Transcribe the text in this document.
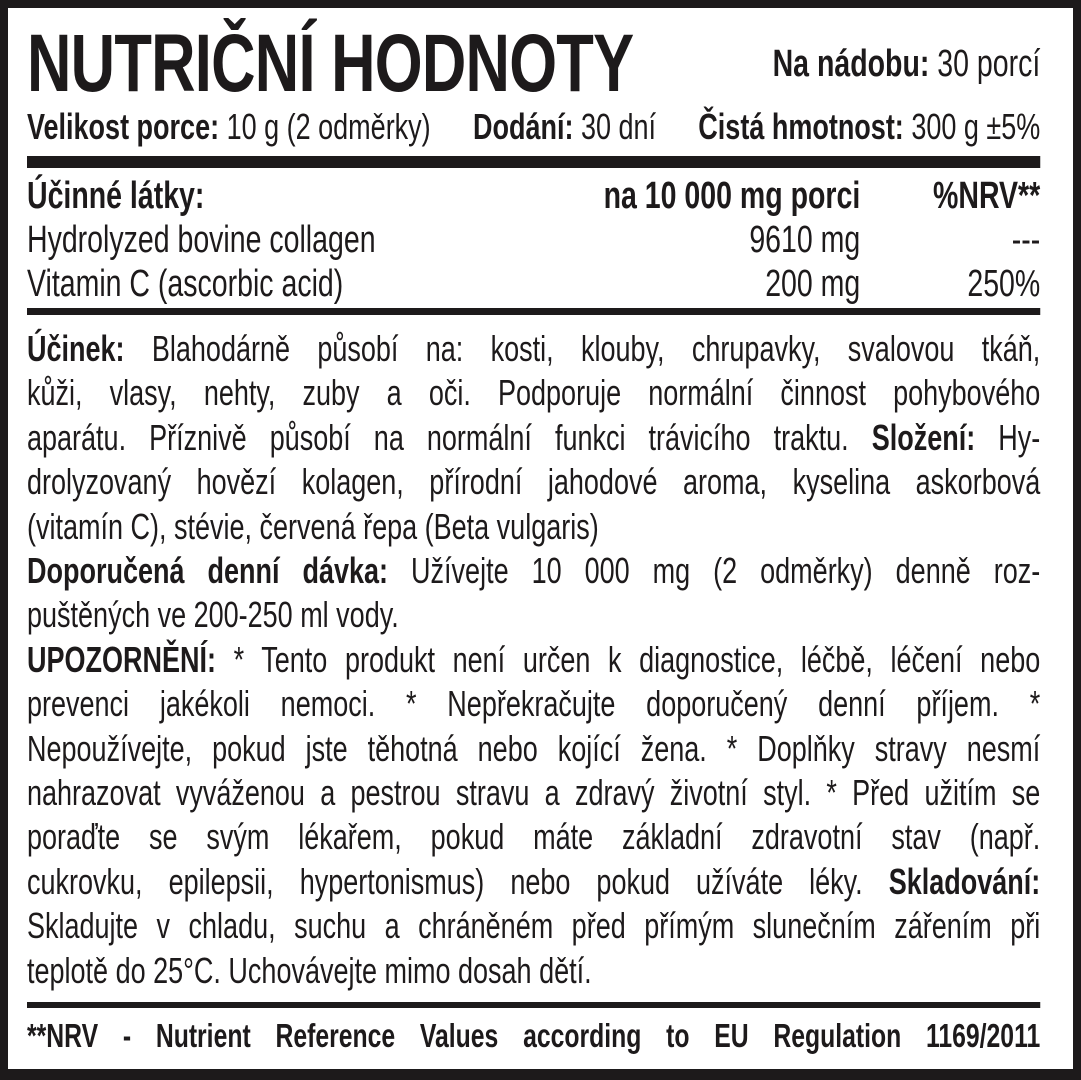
NUTRIČNÍ HODNOTY	Na nádobu: 30 porcí
Velikost porce: 10 g (2 odměrky) Dodání: 30 dní Čistá hmotnost: 300 g ±5%
Účinné látky:	na 10 000 mg porci	%NRV**
Hydrolyzed bovine collagen	9610 mg	---
Vitamin C (ascorbic acid)	200 mg	250%
Účinek: Blahodárně působí na: kosti, klouby, chrupavky, svalovou tkáň,
kůži, vlasy, nehty, zuby a oči. Podporuje normální činnost pohybového
aparátu. Příznivě působí na normální funkci trávicího traktu. Složení: Hy-
drolyzovaný hovězí kolagen, přírodní jahodové aroma, kyselina askorbová
(vitamín C), stévie, červená řepa (Beta vulgaris)
Doporučená denní dávka: Užívejte 10 000 mg (2 odměrky) denně roz-
puštěných ve 200-250 ml vody.
UPOZORNĚNÍ: * Tento produkt není určen k diagnostice, léčbě, léčení nebo
prevenci jakékoli nemoci. * Nepřekračujte doporučený denní příjem. *
Nepoužívejte, pokud jste těhotná nebo kojící žena. * Doplňky stravy nesmí
nahrazovat vyváženou a pestrou stravu a zdravý životní styl. * Před užitím se
poraďte se svým lékařem, pokud máte základní zdravotní stav (např.
cukrovku, epilepsii, hypertonismus) nebo pokud užíváte léky. Skladování:
Skladujte v chladu, suchu a chráněném před přímým slunečním zářením při
teplotě do 25°C. Uchovávejte mimo dosah dětí.
**NRV - Nutrient Reference Values according to EU Regulation 1169/2011
